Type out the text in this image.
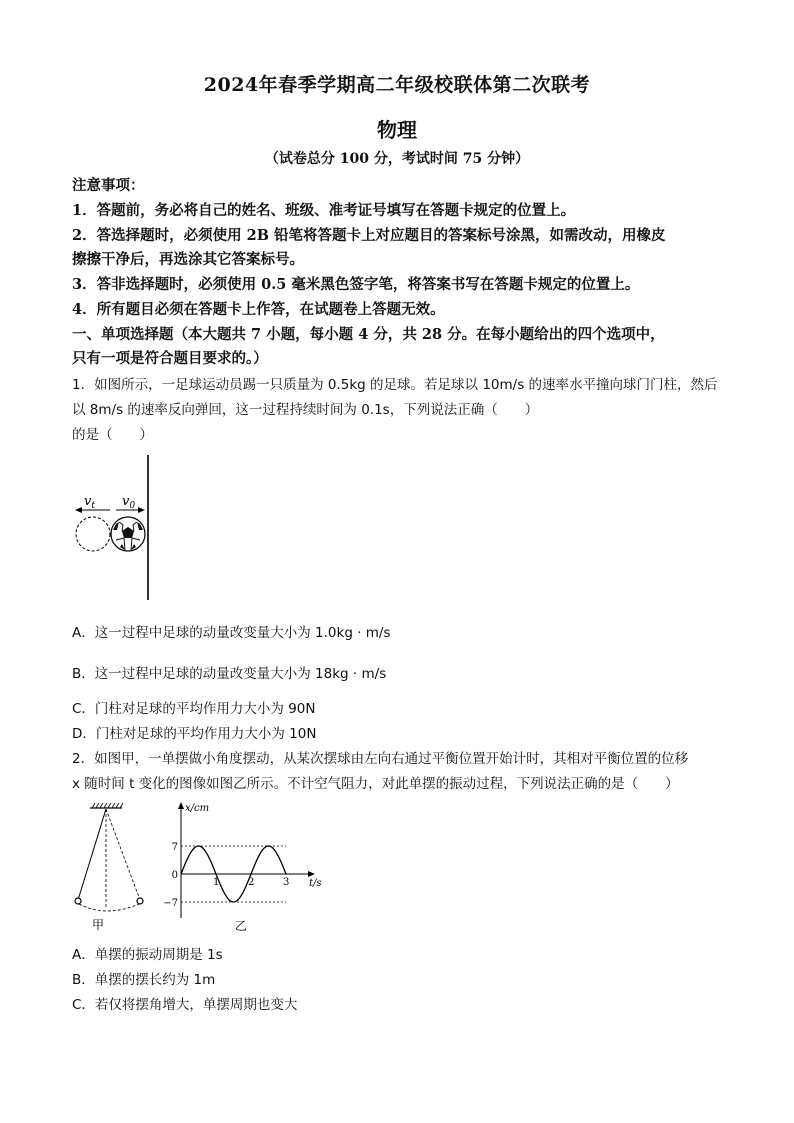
2024年春季学期高二年级校联体第二次联考
物理
（试卷总分 100 分，考试时间 75 分钟）
注意事项：
1．答题前，务必将自己的姓名、班级、准考证号填写在答题卡规定的位置上。
2．答选择题时，必须使用 2B 铅笔将答题卡上对应题目的答案标号涂黑，如需改动，用橡皮
擦擦干净后，再选涂其它答案标号。
3．答非选择题时，必须使用 0.5 毫米黑色签字笔，将答案书写在答题卡规定的位置上。
4．所有题目必须在答题卡上作答，在试题卷上答题无效。
一、单项选择题（本大题共 7 小题，每小题 4 分，共 28 分。在每小题给出的四个选项中，
只有一项是符合题目要求的。）
1．如图所示，一足球运动员踢一只质量为 0.5kg 的足球。若足球以 10m/s 的速率水平撞向球门门柱，然后
以 8m/s 的速率反向弹回，这一过程持续时间为 0.1s，下列说法正确（　　）
的是（　　）
$v_t$ $v_0$
A．这一过程中足球的动量改变量大小为 1.0kg · m/s
B．这一过程中足球的动量改变量大小为 18kg · m/s
C．门柱对足球的平均作用力大小为 90N
D．门柱对足球的平均作用力大小为 10N
2．如图甲，一单摆做小角度摆动，从某次摆球由左向右通过平衡位置开始计时，其相对平衡位置的位移
x 随时间 t 变化的图像如图乙所示。不计空气阻力，对此单摆的振动过程，下列说法正确的是（　　）
甲
x/cm
t/s
1	2	3
7
0
−7
乙
A．单摆的振动周期是 1s
B．单摆的摆长约为 1m
C．若仅将摆角增大，单摆周期也变大
